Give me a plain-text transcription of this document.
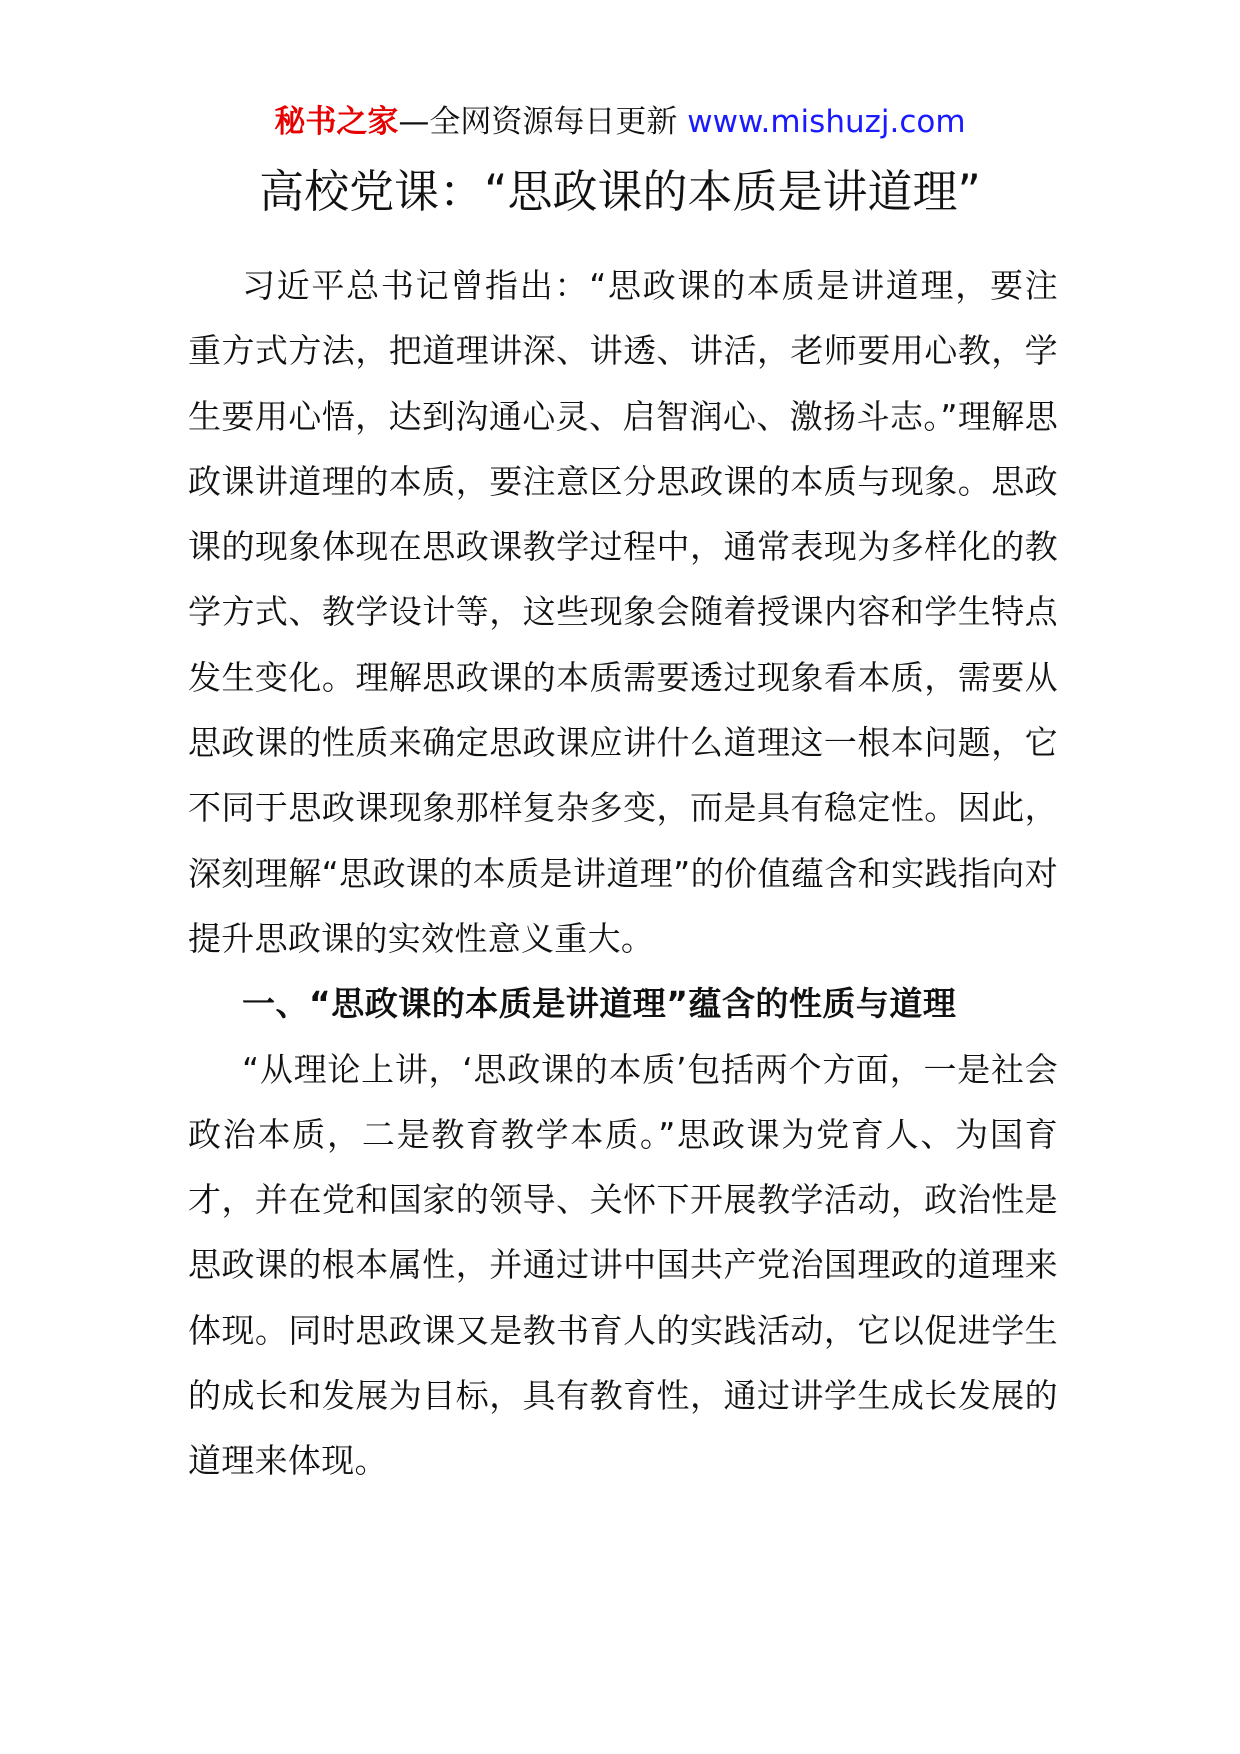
秘书之家—全网资源每日更新 www.mishuzj.com
高校党课：“思政课的本质是讲道理”

习近平总书记曾指出：“思政课的本质是讲道理，要注重方式方法，把道理讲深、讲透、讲活，老师要用心教，学生要用心悟，达到沟通心灵、启智润心、激扬斗志。”理解思政课讲道理的本质，要注意区分思政课的本质与现象。思政课的现象体现在思政课教学过程中，通常表现为多样化的教学方式、教学设计等，这些现象会随着授课内容和学生特点发生变化。理解思政课的本质需要透过现象看本质，需要从思政课的性质来确定思政课应讲什么道理这一根本问题，它不同于思政课现象那样复杂多变，而是具有稳定性。因此，深刻理解“思政课的本质是讲道理”的价值蕴含和实践指向对提升思政课的实效性意义重大。

一、“思政课的本质是讲道理”蕴含的性质与道理

“从理论上讲，‘思政课的本质’包括两个方面，一是社会政治本质，二是教育教学本质。”思政课为党育人、为国育才，并在党和国家的领导、关怀下开展教学活动，政治性是思政课的根本属性，并通过讲中国共产党治国理政的道理来体现。同时思政课又是教书育人的实践活动，它以促进学生的成长和发展为目标，具有教育性，通过讲学生成长发展的道理来体现。
